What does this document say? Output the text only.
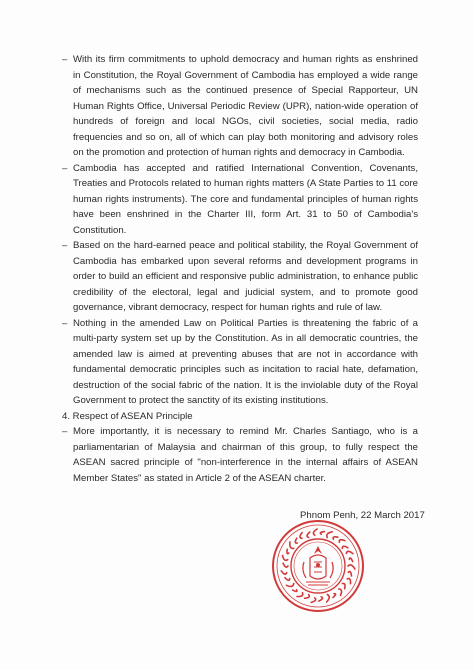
– With its firm commitments to uphold democracy and human rights as enshrined in Constitution, the Royal Government of Cambodia has employed a wide range of mechanisms such as the continued presence of Special Rapporteur, UN Human Rights Office, Universal Periodic Review (UPR), nation-wide operation of hundreds of foreign and local NGOs, civil societies, social media, radio frequencies and so on, all of which can play both monitoring and advisory roles on the promotion and protection of human rights and democracy in Cambodia.
– Cambodia has accepted and ratified International Convention, Covenants, Treaties and Protocols related to human rights matters (A State Parties to 11 core human rights instruments). The core and fundamental principles of human rights have been enshrined in the Charter III, form Art. 31 to 50 of Cambodia's Constitution.
– Based on the hard-earned peace and political stability, the Royal Government of Cambodia has embarked upon several reforms and development programs in order to build an efficient and responsive public administration, to enhance public credibility of the electoral, legal and judicial system, and to promote good governance, vibrant democracy, respect for human rights and rule of law.
– Nothing in the amended Law on Political Parties is threatening the fabric of a multi-party system set up by the Constitution. As in all democratic countries, the amended law is aimed at preventing abuses that are not in accordance with fundamental democratic principles such as incitation to racial hate, defamation, destruction of the social fabric of the nation. It is the inviolable duty of the Royal Government to protect the sanctity of its existing institutions.

4. Respect of ASEAN Principle

– More importantly, it is necessary to remind Mr. Charles Santiago, who is a parliamentarian of Malaysia and chairman of this group, to fully respect the ASEAN sacred principle of "non-interference in the internal affairs of ASEAN Member States" as stated in Article 2 of the ASEAN charter.
Phnom Penh, 22 March 2017
